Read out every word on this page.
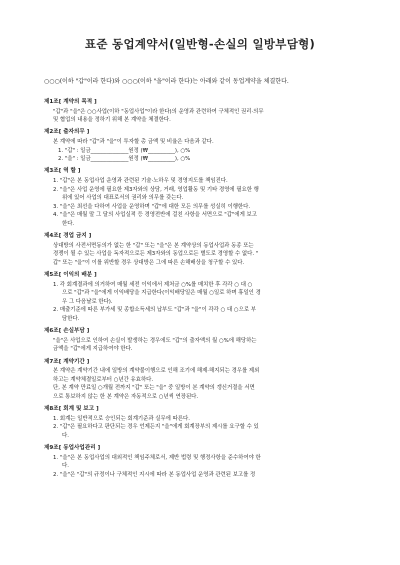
표준 동업계약서(일반형-손실의 일방부담형)
○○○(이하 "갑"이라 한다)와 ○○○(이하 "을"이라 한다)는 아래와 같이 동업계약을 체결한다.
제1조[ 계약의 목적 ]
"갑"과 "을"은 ○○사업(이하 "동업사업"이라 한다)의 운영과 관련하여 구체적인 권리·의무
및 협업의 내용을 정하기 위해 본 계약을 체결한다.
제2조[ 출자의무 ]
본 계약에 따라 "갑"과 "을"이 투자할 총 금액 및 비율은 다음과 같다.
1. "갑" : 일금______________원정 (₩__________), ○%
2. "을" : 일금______________원정 (₩__________), ○%
제3조[ 역 할 ]
1. "갑"은 본 동업사업 운영과 관련된 기술·노하우 및 경영지도를 책임진다.
2. "을"은 사업 운영에 필요한 제3자와의 상담, 거래, 영업활동 및 기타 경영에 필요한 행
위에 있어 사업의 대표로서의 권리와 의무를 갖는다.
3. "을"은 최선을 다하여 사업을 운영하며 "갑"에 대한 모든 의무를 성실히 이행한다.
4. "을"은 매월 말 그 달의 사업실적 등 경영전반에 걸친 사항을 서면으로 "갑"에게 보고
한다.
제4조[ 경업 금지 ]
상대방의 사전서면동의가 없는 한 "갑" 또는 "을"은 본 계약상의 동업사업과 동종 또는
경쟁이 될 수 있는 사업을 독자적으로든 제3자와의 동업으로든 별도로 경영할 수 없다. "
갑" 또는 "을"이 이를 위반할 경우 상대방은 그에 따른 손해배상을 청구할 수 있다.
제5조[ 이익의 배분 ]
1. 각 회계결과에 의거하여 매월 세전 이익에서 제처금 ○%를 매치한 후 각각 ○ 대 ○
으로 "갑"과 "을"에게 이익배당을 지급한다(이익배당일은 매월 ○일로 하며 휴일인 경
우 그 다음날로 한다).
2. 매출기준에 따른 부가세 및 종합소득세의 납부도 "갑"과 "을"이 각각 ○ 대 ○으로 부
담한다.
제6조[ 손실부담 ]
"을"은 사업으로 인하여 손실이 발생하는 경우에도 "갑"의 출자액의 월 ○%에 해당하는
금액을 "갑"에게 지급하여야 한다.
제7조[ 계약기간 ]
본 계약은 계약기간 내에 일방의 계약불이행으로 인해 조기에 해제·해지되는 경우를 제외
하고는 계약체결일로부터 ○년간 유효하다.
단, 본 계약 만료일 ○개월 전까지 "갑" 또는 "을" 중 일방이 본 계약의 갱신거절을 서면
으로 통보하지 않는 한 본 계약은 자동적으로 ○년씩 연장된다.
제8조[ 회계 및 보고 ]
1. 회계는 일반적으로 승인되는 회계기준과 실무에 따른다.
2. "갑"은 필요하다고 판단되는 경우 언제든지 "을"에게 회계장부의 제시를 요구할 수 있
다.
제9조[ 동업사업관리 ]
1. "을"은 본 동업사업의 대외적인 책임주체로서, 제반 법령 및 행정사항을 준수하여야 한
다.
2. "을"은 "갑"의 규정이나 구체적인 지시에 따라 본 동업사업 운영과 관련된 보고를 정
